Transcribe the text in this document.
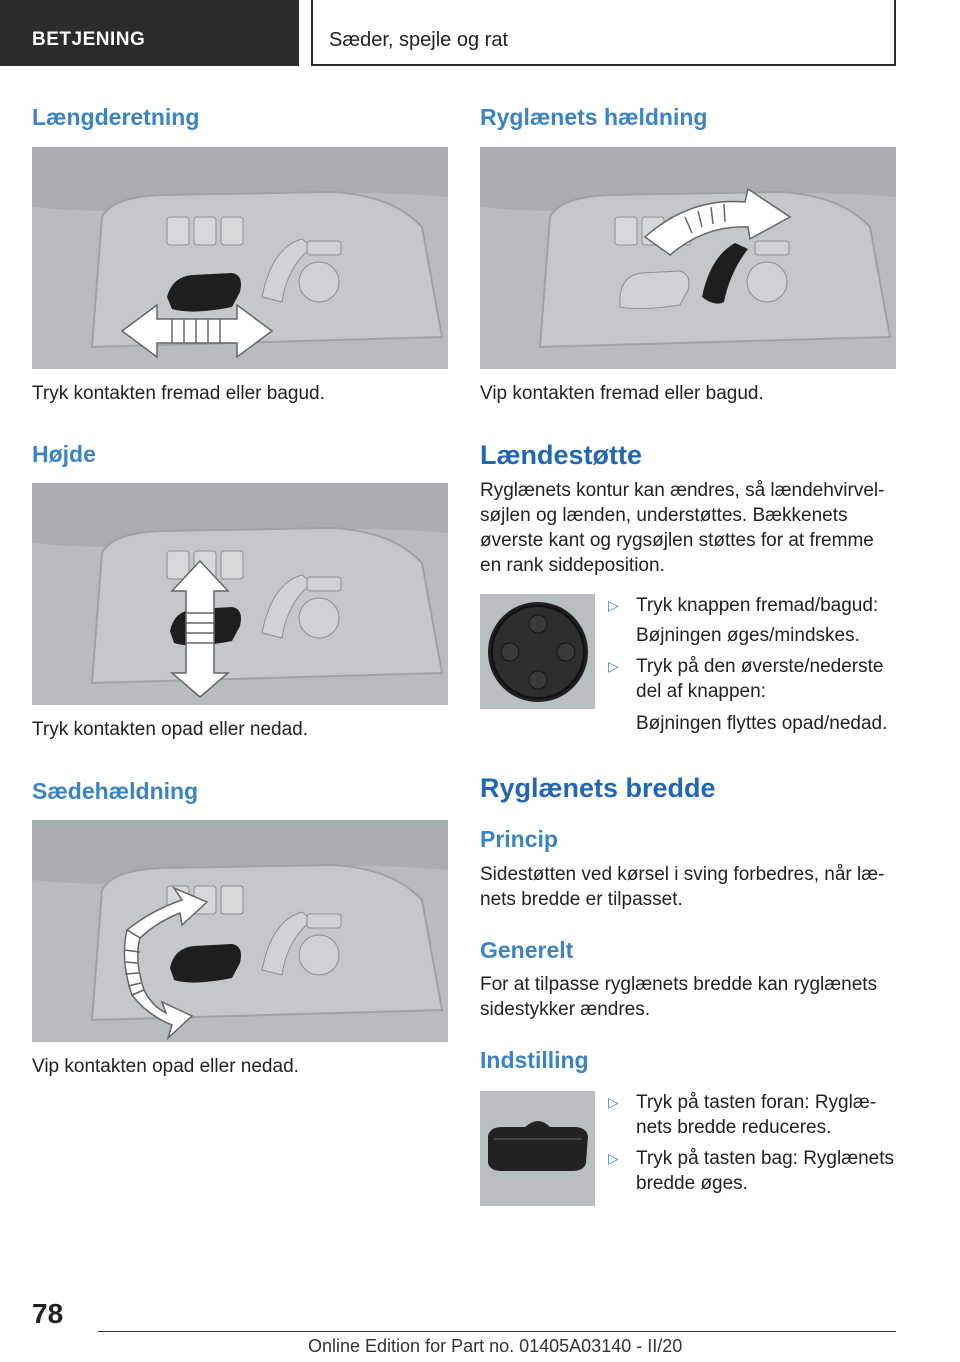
BETJENING	Sæder, spejle og rat
Længderetning
Tryk kontakten fremad eller bagud.
Højde
Tryk kontakten opad eller nedad.
Sædehældning
Vip kontakten opad eller nedad.
Ryglænets hældning
Vip kontakten fremad eller bagud.
Lændestøtte
Ryglænets kontur kan ændres, så lændehvirvel-søjlen og lænden, understøttes. Bækkenets øverste kant og rygsøjlen støttes for at fremme en rank siddeposition.
▷ Tryk knappen fremad/bagud:
Bøjningen øges/mindskes.
▷ Tryk på den øverste/nederste del af knappen:
Bøjningen flyttes opad/nedad.
Ryglænets bredde
Princip
Sidestøtten ved kørsel i sving forbedres, når læ-nets bredde er tilpasset.
Generelt
For at tilpasse ryglænets bredde kan ryglænets sidestykker ændres.
Indstilling
▷ Tryk på tasten foran: Ryglæ-nets bredde reduceres.
▷ Tryk på tasten bag: Ryglænets bredde øges.
78
Online Edition for Part no. 01405A03140 - II/20
